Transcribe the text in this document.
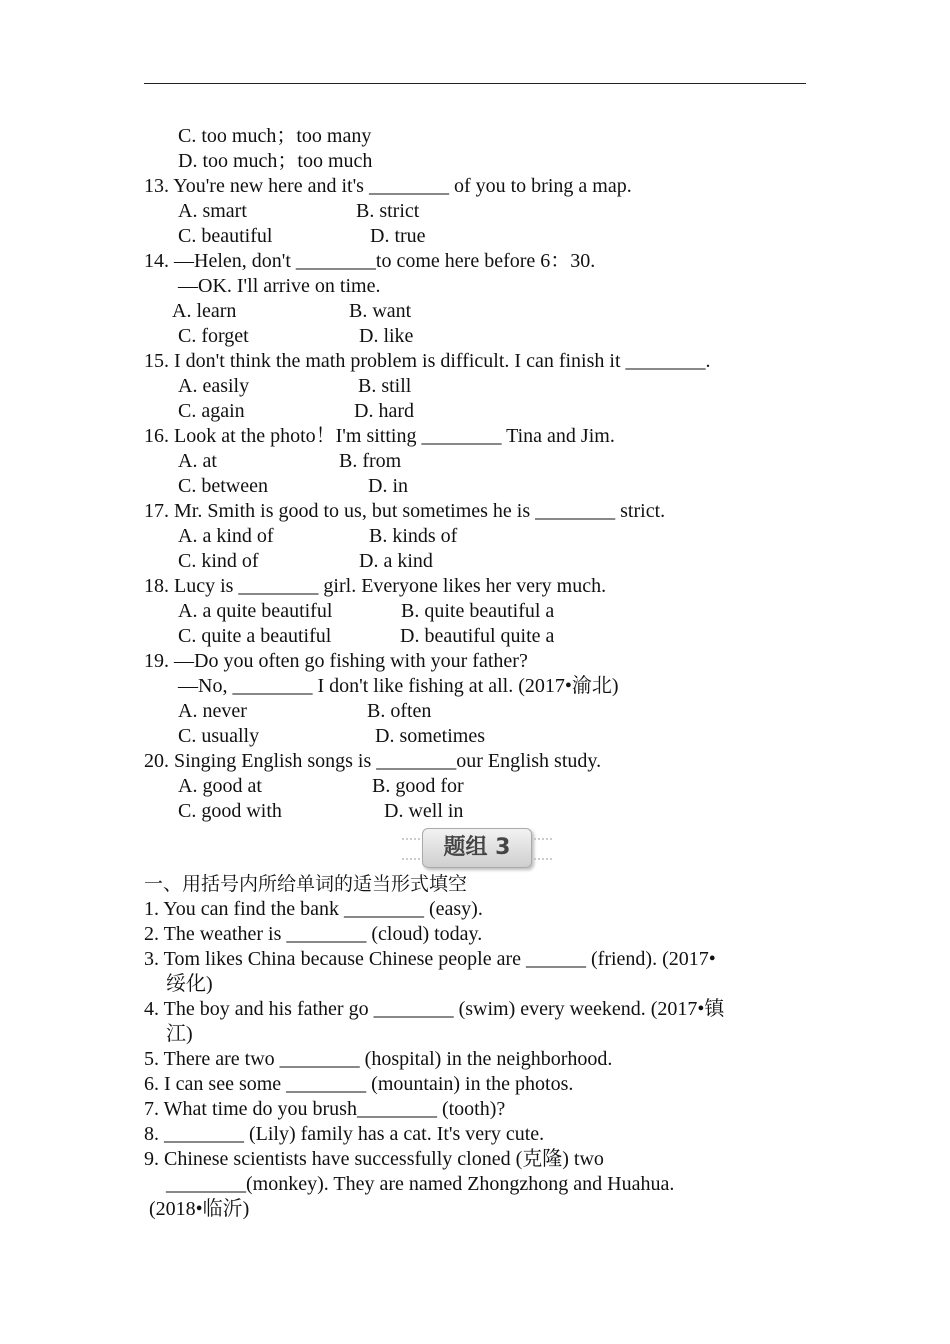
C. too much；too many
D. too much；too much
13. You're new here and it's ________ of you to bring a map.
A. smart	B. strict
C. beautiful	D. true
14. —Helen, don't ________to come here before 6：30.
—OK. I'll arrive on time.
A. learn	B. want
C. forget	D. like
15. I don't think the math problem is difficult. I can finish it ________.
A. easily	B. still
C. again	D. hard
16. Look at the photo！I'm sitting ________ Tina and Jim.
A. at	B. from
C. between	D. in
17. Mr. Smith is good to us, but sometimes he is ________ strict.
A. a kind of	B. kinds of
C. kind of	D. a kind
18. Lucy is ________ girl. Everyone likes her very much.
A. a quite beautiful	B. quite beautiful a
C. quite a beautiful	D. beautiful quite a
19. —Do you often go fishing with your father?
—No, ________ I don't like fishing at all. (2017•渝北)
A. never	B. often
C. usually	D. sometimes
20. Singing English songs is ________our English study.
A. good at	B. good for
C. good with	D. well in
题组 3
一、用括号内所给单词的适当形式填空
1. You can find the bank ________ (easy).
2. The weather is ________ (cloud) today.
3. Tom likes China because Chinese people are ______ (friend). (2017•
绥化)
4. The boy and his father go ________ (swim) every weekend. (2017•镇
江)
5. There are two ________ (hospital) in the neighborhood.
6. I can see some ________ (mountain) in the photos.
7. What time do you brush________ (tooth)?
8. ________ (Lily) family has a cat. It's very cute.
9. Chinese scientists have successfully cloned (克隆) two
________(monkey). They are named Zhongzhong and Huahua.
(2018•临沂)
